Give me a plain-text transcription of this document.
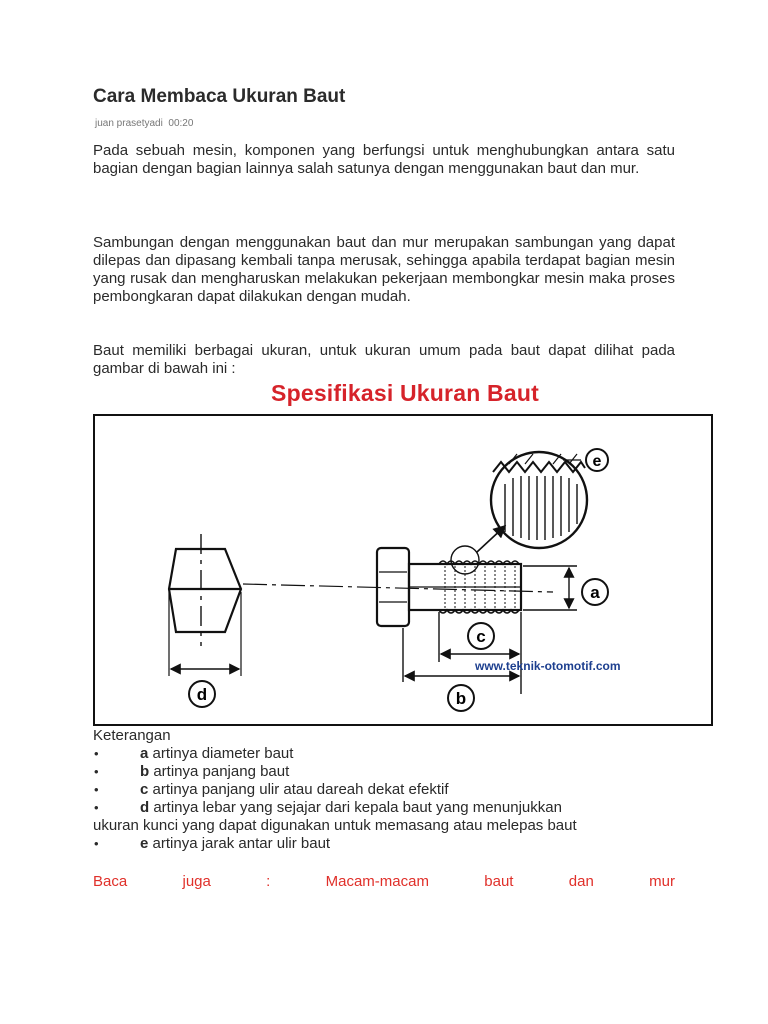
Cara Membaca Ukuran Baut
juan prasetyadi 00:20

Pada sebuah mesin, komponen yang berfungsi untuk menghubungkan antara satu bagian dengan bagian lainnya salah satunya dengan menggunakan baut dan mur.

Sambungan dengan menggunakan baut dan mur merupakan sambungan yang dapat dilepas dan dipasang kembali tanpa merusak, sehingga apabila terdapat bagian mesin yang rusak dan mengharuskan melakukan pekerjaan membongkar mesin maka proses pembongkaran dapat dilakukan dengan mudah.

Baut memiliki berbagai ukuran, untuk ukuran umum pada baut dapat dilihat pada gambar di bawah ini :

Spesifikasi Ukuran Baut
e
a
c
b
d
www.teknik-otomotif.com
Keterangan
•	a artinya diameter baut
•	b artinya panjang baut
•	c artinya panjang ulir atau dareah dekat efektif
•	d artinya lebar yang sejajar dari kepala baut yang menunjukkan
ukuran kunci yang dapat digunakan untuk memasang atau melepas baut
•	e artinya jarak antar ulir baut
Baca	juga	:	Macam-macam	baut	dan	mur
